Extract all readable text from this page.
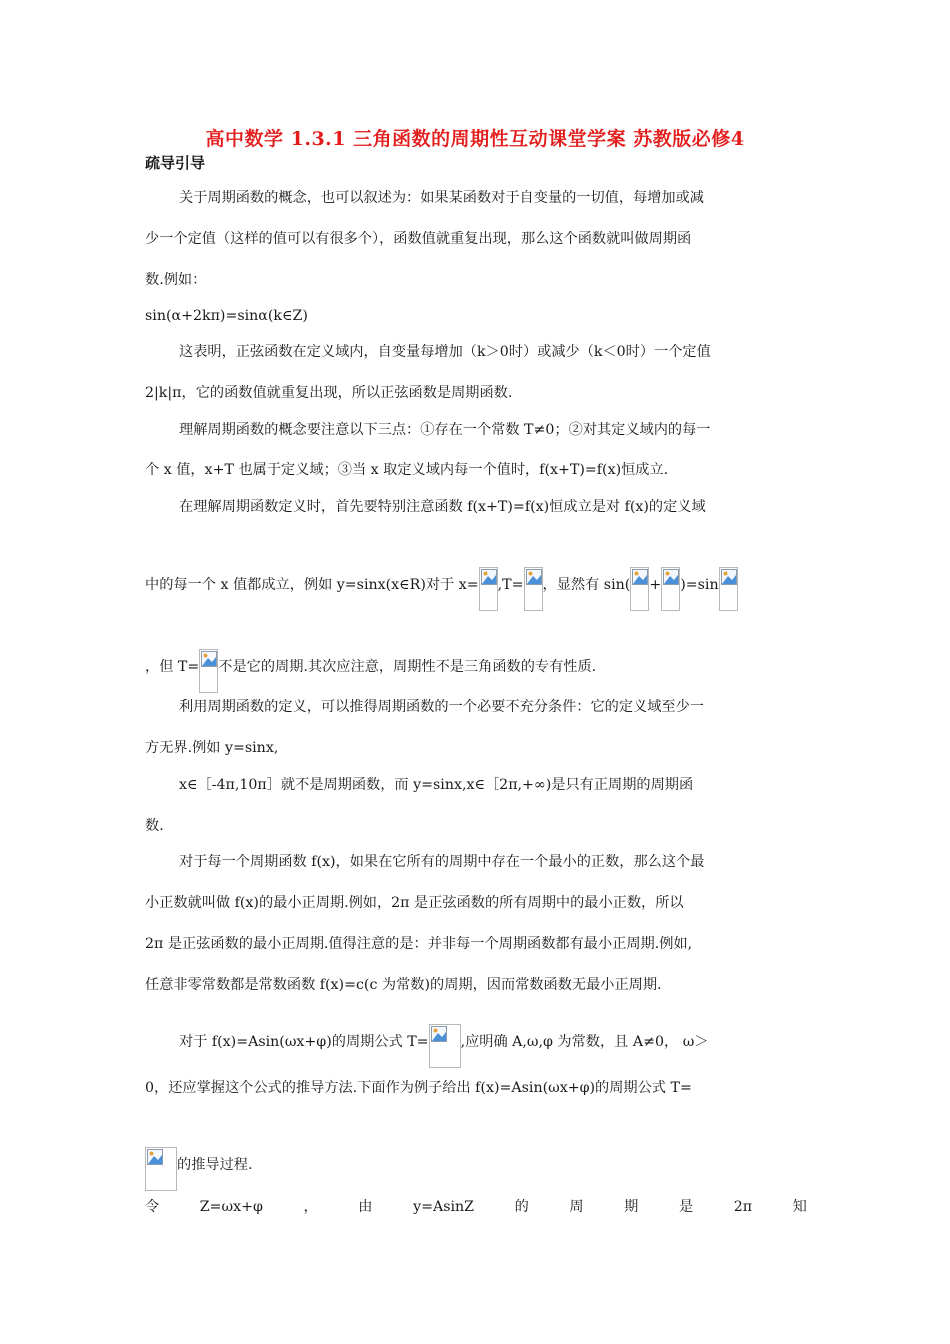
高中数学 1.3.1 三角函数的周期性互动课堂学案 苏教版必修4
疏导引导
关于周期函数的概念，也可以叙述为：如果某函数对于自变量的一切值，每增加或减
少一个定值（这样的值可以有很多个），函数值就重复出现，那么这个函数就叫做周期函
数.例如：
sin(α+2kπ)=sinα(k∈Z)
这表明，正弦函数在定义域内，自变量每增加（k＞0时）或减少（k＜0时）一个定值
2|k|π，它的函数值就重复出现，所以正弦函数是周期函数.
理解周期函数的概念要注意以下三点：①存在一个常数 T≠0；②对其定义域内的每一
个 x 值，x+T 也属于定义域；③当 x 取定义域内每一个值时，f(x+T)=f(x)恒成立.
在理解周期函数定义时，首先要特别注意函数 f(x+T)=f(x)恒成立是对 f(x)的定义域
中的每一个 x 值都成立，例如 y=sinx(x∈R)对于 x= ,T= ，显然有 sin( + )=sin
，但 T= 不是它的周期.其次应注意，周期性不是三角函数的专有性质.
利用周期函数的定义，可以推得周期函数的一个必要不充分条件：它的定义域至少一
方无界.例如 y=sinx,
x∈［-4π,10π］就不是周期函数，而 y=sinx,x∈［2π,+∞)是只有正周期的周期函
数.
对于每一个周期函数 f(x)，如果在它所有的周期中存在一个最小的正数，那么这个最
小正数就叫做 f(x)的最小正周期.例如，2π 是正弦函数的所有周期中的最小正数，所以
2π 是正弦函数的最小正周期.值得注意的是：并非每一个周期函数都有最小正周期.例如,
任意非零常数都是常数函数 f(x)=c(c 为常数)的周期，因而常数函数无最小正周期.
对于 f(x)=Asin(ωx+φ)的周期公式 T= ,应明确 A,ω,φ 为常数，且 A≠0， ω＞
0，还应掌握这个公式的推导方法.下面作为例子给出 f(x)=Asin(ωx+φ)的周期公式 T=
的推导过程.
令	Z=ωx+φ	，	由	y=AsinZ	的	周	期	是	2π	知
